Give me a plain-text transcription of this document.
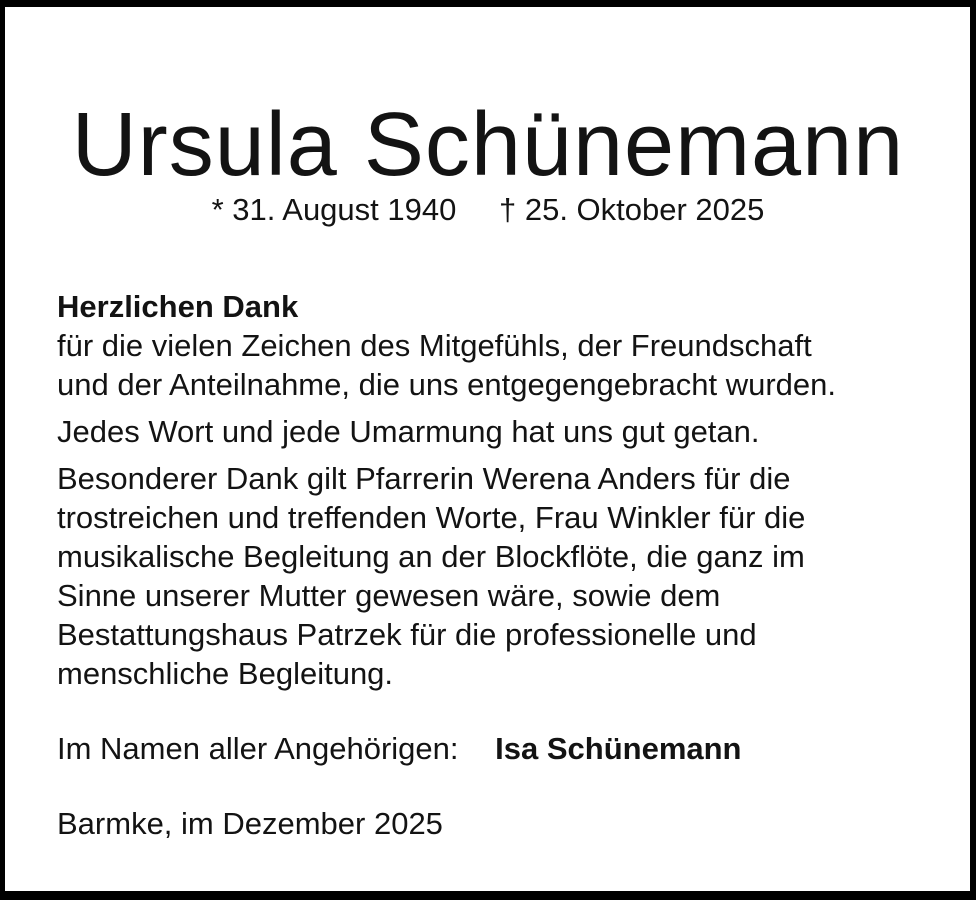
Ursula Schünemann
* 31. August 1940 † 25. Oktober 2025
Herzlichen Dank
für die vielen Zeichen des Mitgefühls, der Freundschaft
und der Anteilnahme, die uns entgegengebracht wurden.
Jedes Wort und jede Umarmung hat uns gut getan.
Besonderer Dank gilt Pfarrerin Werena Anders für die
trostreichen und treffenden Worte, Frau Winkler für die
musikalische Begleitung an der Blockflöte, die ganz im
Sinne unserer Mutter gewesen wäre, sowie dem
Bestattungshaus Patrzek für die professionelle und
menschliche Begleitung.
Im Namen aller Angehörigen: Isa Schünemann
Barmke, im Dezember 2025
